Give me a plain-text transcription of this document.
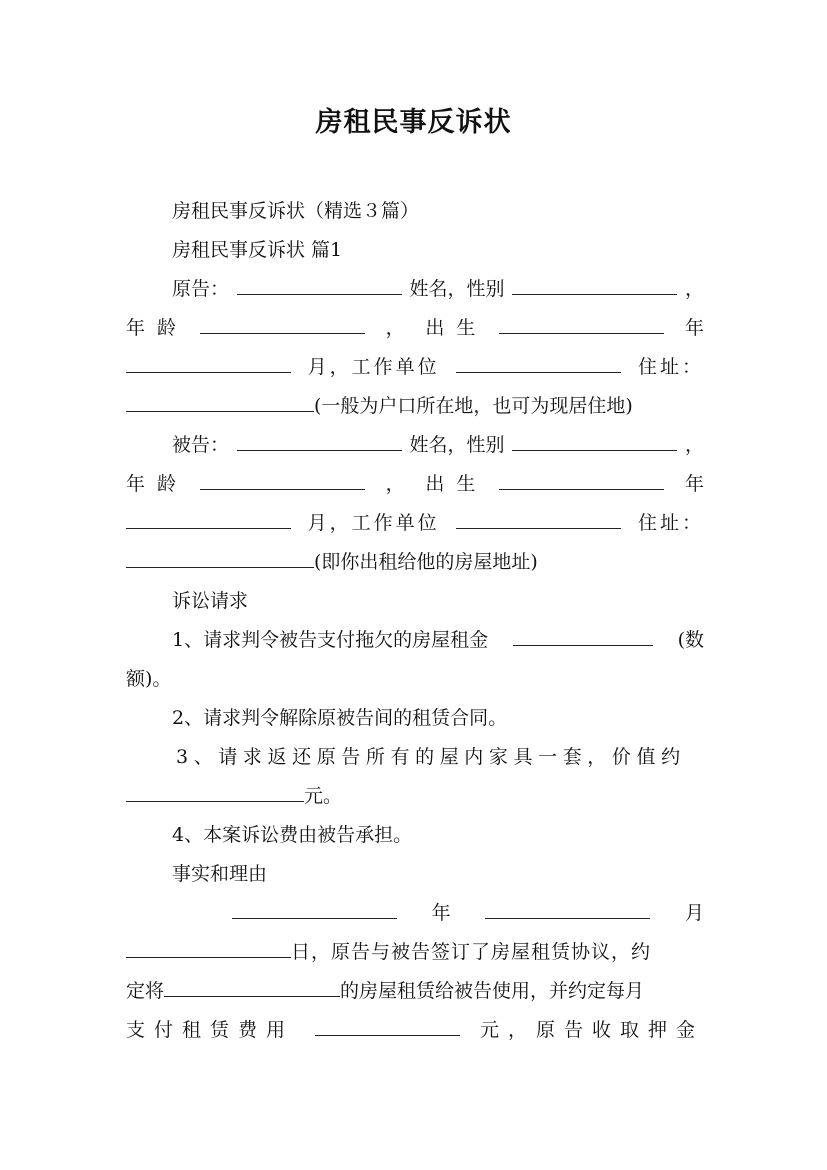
房租民事反诉状
房租民事反诉状（精选３篇）
房租民事反诉状 篇1
原告：	姓名，性别	，
年 龄	， 出 生	年
月，工作单位	住址：
(一般为户口所在地，也可为现居住地)
被告：	姓名，性别	，
年 龄	， 出 生	年
月，工作单位	住址：
(即你出租给他的房屋地址)
诉讼请求
1、请求判令被告支付拖欠的房屋租金	(数
额)。
2、请求判令解除原被告间的租赁合同。
3、请求返还原告所有的屋内家具一套，价值约
元。
4、本案诉讼费由被告承担。
事实和理由
年	月
日，原告与被告签订了房屋租赁协议，约
定将	的房屋租赁给被告使用，并约定每月
支付租赁费用	元，原告收取押金
